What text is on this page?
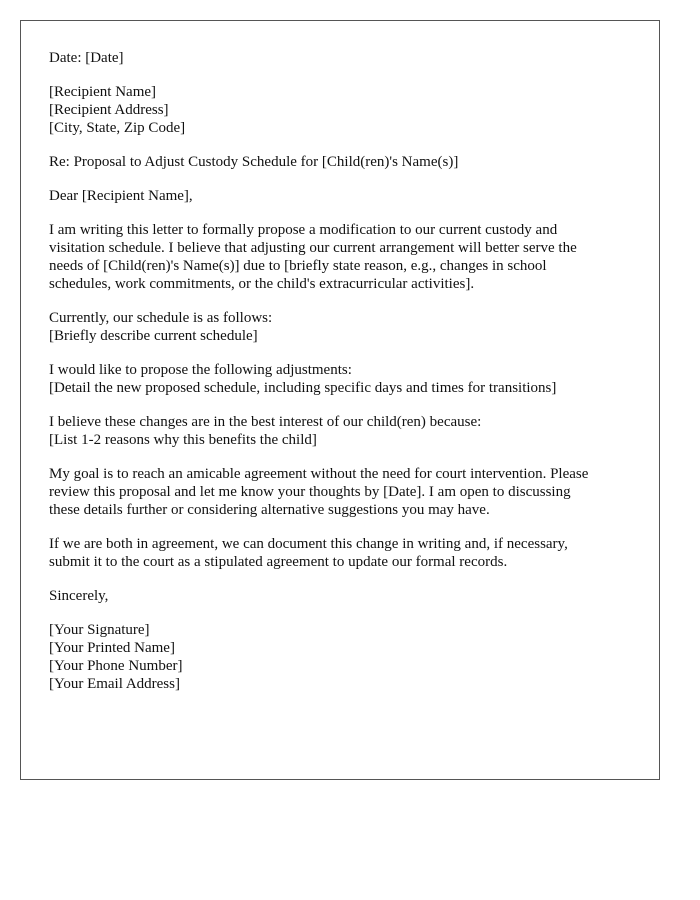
Date: [Date]
[Recipient Name]
[Recipient Address]
[City, State, Zip Code]
Re: Proposal to Adjust Custody Schedule for [Child(ren)'s Name(s)]
Dear [Recipient Name],
I am writing this letter to formally propose a modification to our current custody and
visitation schedule. I believe that adjusting our current arrangement will better serve the
needs of [Child(ren)'s Name(s)] due to [briefly state reason, e.g., changes in school
schedules, work commitments, or the child's extracurricular activities].
Currently, our schedule is as follows:
[Briefly describe current schedule]
I would like to propose the following adjustments:
[Detail the new proposed schedule, including specific days and times for transitions]
I believe these changes are in the best interest of our child(ren) because:
[List 1-2 reasons why this benefits the child]
My goal is to reach an amicable agreement without the need for court intervention. Please
review this proposal and let me know your thoughts by [Date]. I am open to discussing
these details further or considering alternative suggestions you may have.
If we are both in agreement, we can document this change in writing and, if necessary,
submit it to the court as a stipulated agreement to update our formal records.
Sincerely,
[Your Signature]
[Your Printed Name]
[Your Phone Number]
[Your Email Address]
